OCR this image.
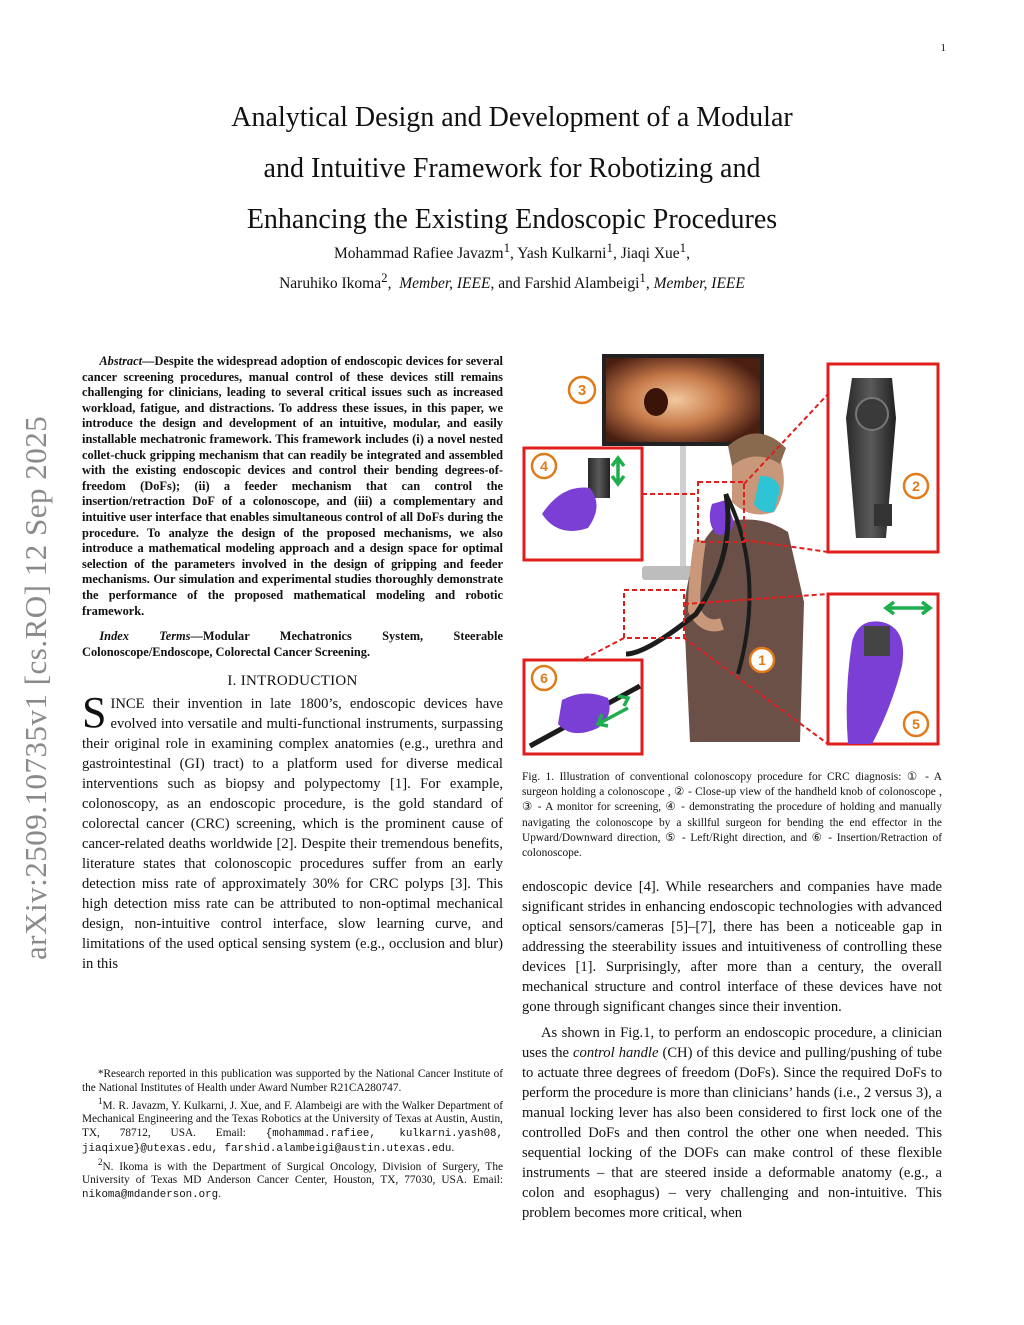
1
arXiv:2509.10735v1 [cs.RO] 12 Sep 2025
Analytical Design and Development of a Modular
and Intuitive Framework for Robotizing and
Enhancing the Existing Endoscopic Procedures
Mohammad Rafiee Javazm$^1$, Yash Kulkarni$^1$, Jiaqi Xue$^1$,
Naruhiko Ikoma$^2$,  Member, IEEE, and Farshid Alambeigi$^1$, Member, IEEE

Abstract—Despite the widespread adoption of endoscopic devices for several cancer screening procedures, manual control of these devices still remains challenging for clinicians, leading to several critical issues such as increased workload, fatigue, and distractions. To address these issues, in this paper, we introduce the design and development of an intuitive, modular, and easily installable mechatronic framework. This framework includes (i) a novel nested collet-chuck gripping mechanism that can readily be integrated and assembled with the existing endoscopic devices and control their bending degrees-of-freedom (DoFs); (ii) a feeder mechanism that can control the insertion/retraction DoF of a colonoscope, and (iii) a complementary and intuitive user interface that enables simultaneous control of all DoFs during the procedure. To analyze the design of the proposed mechanisms, we also introduce a mathematical modeling approach and a design space for optimal selection of the parameters involved in the design of gripping and feeder mechanisms. Our simulation and experimental studies thoroughly demonstrate the performance of the proposed mathematical modeling and robotic framework.

Index Terms—Modular Mechatronics System, Steerable Colonoscope/Endoscope, Colorectal Cancer Screening.

I. INTRODUCTION

SINCE their invention in late 1800’s, endoscopic devices have evolved into versatile and multi-functional instruments, surpassing their original role in examining complex anatomies (e.g., urethra and gastrointestinal (GI) tract) to a platform used for diverse medical interventions such as biopsy and polypectomy [1]. For example, colonoscopy, as an endoscopic procedure, is the gold standard of colorectal cancer (CRC) screening, which is the prominent cause of cancer-related deaths worldwide [2]. Despite their tremendous benefits, literature states that colonoscopic procedures suffer from an early detection miss rate of approximately 30% for CRC polyps [3]. This high detection miss rate can be attributed to non-optimal mechanical design, non-intuitive control interface, slow learning curve, and limitations of the used optical sensing system (e.g., occlusion and blur) in this

*Research reported in this publication was supported by the National Cancer Institute of the National Institutes of Health under Award Number R21CA280747.

$^1$M. R. Javazm, Y. Kulkarni, J. Xue, and F. Alambeigi are with the Walker Department of Mechanical Engineering and the Texas Robotics at the University of Texas at Austin, Austin, TX, 78712, USA. Email: {mohammad.rafiee, kulkarni.yash08, jiaqixue}@utexas.edu, farshid.alambeigi@austin.utexas.edu.

$^2$N. Ikoma is with the Department of Surgical Oncology, Division of Surgery, The University of Texas MD Anderson Cancer Center, Houston, TX, 77030, USA. Email: nikoma@mdanderson.org.

1
3
4
2
5
6
Fig. 1. Illustration of conventional colonoscopy procedure for CRC diagnosis: ① - A surgeon holding a colonoscope , ② - Close-up view of the handheld knob of colonoscope , ③ - A monitor for screening, ④ - demonstrating the procedure of holding and manually navigating the colonoscope by a skillful surgeon for bending the end effector in the Upward/Downward direction, ⑤ - Left/Right direction, and ⑥ - Insertion/Retraction of colonoscope.

endoscopic device [4]. While researchers and companies have made significant strides in enhancing endoscopic technologies with advanced optical sensors/cameras [5]–[7], there has been a noticeable gap in addressing the steerability issues and intuitiveness of controlling these devices [1]. Surprisingly, after more than a century, the overall mechanical structure and control interface of these devices have not gone through significant changes since their invention.

As shown in Fig.1, to perform an endoscopic procedure, a clinician uses the control handle (CH) of this device and pulling/pushing of tube to actuate three degrees of freedom (DoFs). Since the required DoFs to perform the procedure is more than clinicians’ hands (i.e., 2 versus 3), a manual locking lever has also been considered to first lock one of the controlled DoFs and then control the other one when needed. This sequential locking of the DOFs can make control of these flexible instruments – that are steered inside a deformable anatomy (e.g., a colon and esophagus) – very challenging and non-intuitive. This problem becomes more critical, when
